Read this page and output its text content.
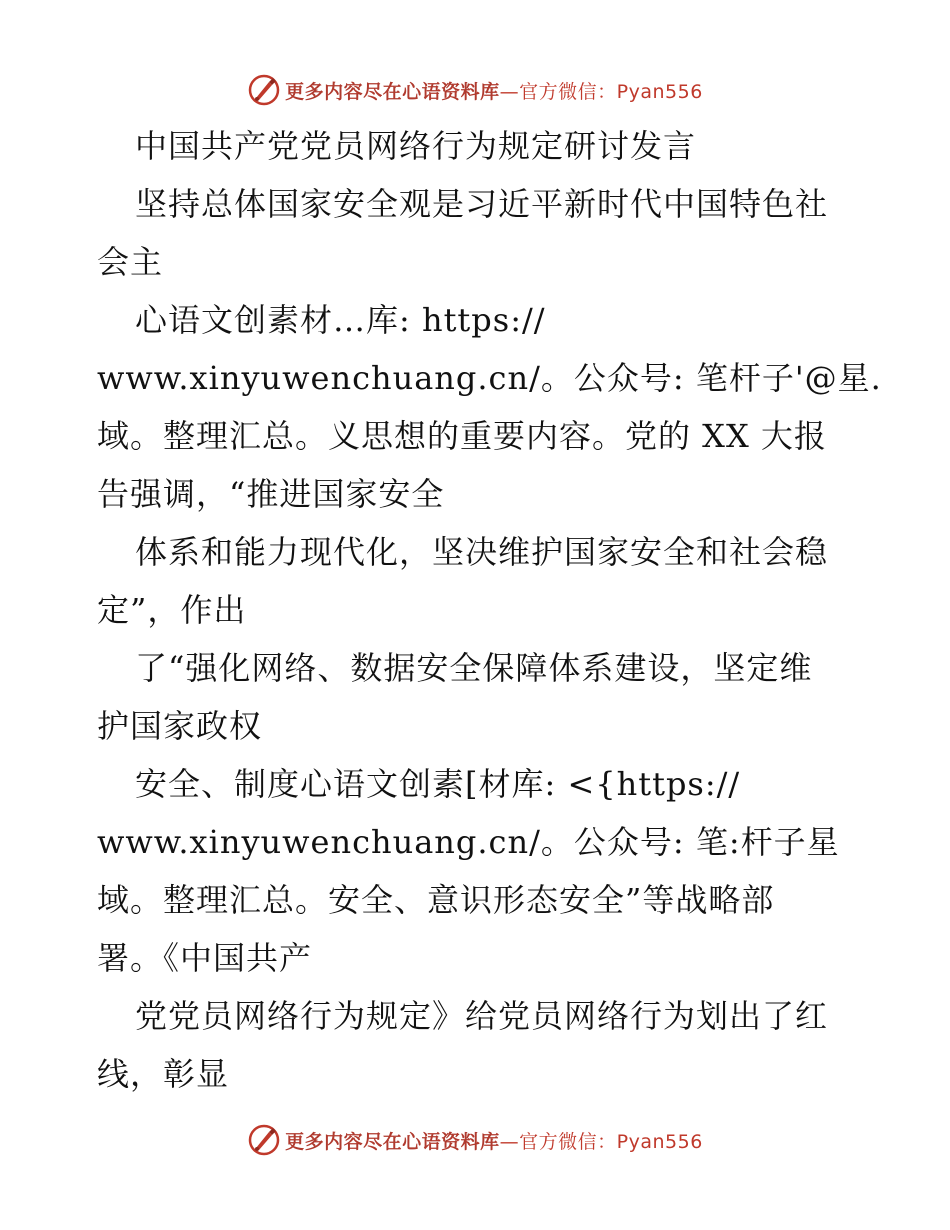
更多内容尽在心语资料库—官方微信：Pyan556
中国共产党党员网络行为规定研讨发言
坚持总体国家安全观是习近平新时代中国特色社
会主
心语文创素材…库: https://
www.xinyuwenchuang.cn/。公众号: 笔杆子'@星.
域。整理汇总。义思想的重要内容。党的 XX 大报
告强调，“推进国家安全
体系和能力现代化，坚决维护国家安全和社会稳
定”，作出
了“强化网络、数据安全保障体系建设，坚定维
护国家政权
安全、制度心语文创素[材库: <{https://
www.xinyuwenchuang.cn/。公众号: 笔:杆子星
域。整理汇总。安全、意识形态安全”等战略部
署。《中国共产
党党员网络行为规定》给党员网络行为划出了红
线，彰显
更多内容尽在心语资料库—官方微信：Pyan556
